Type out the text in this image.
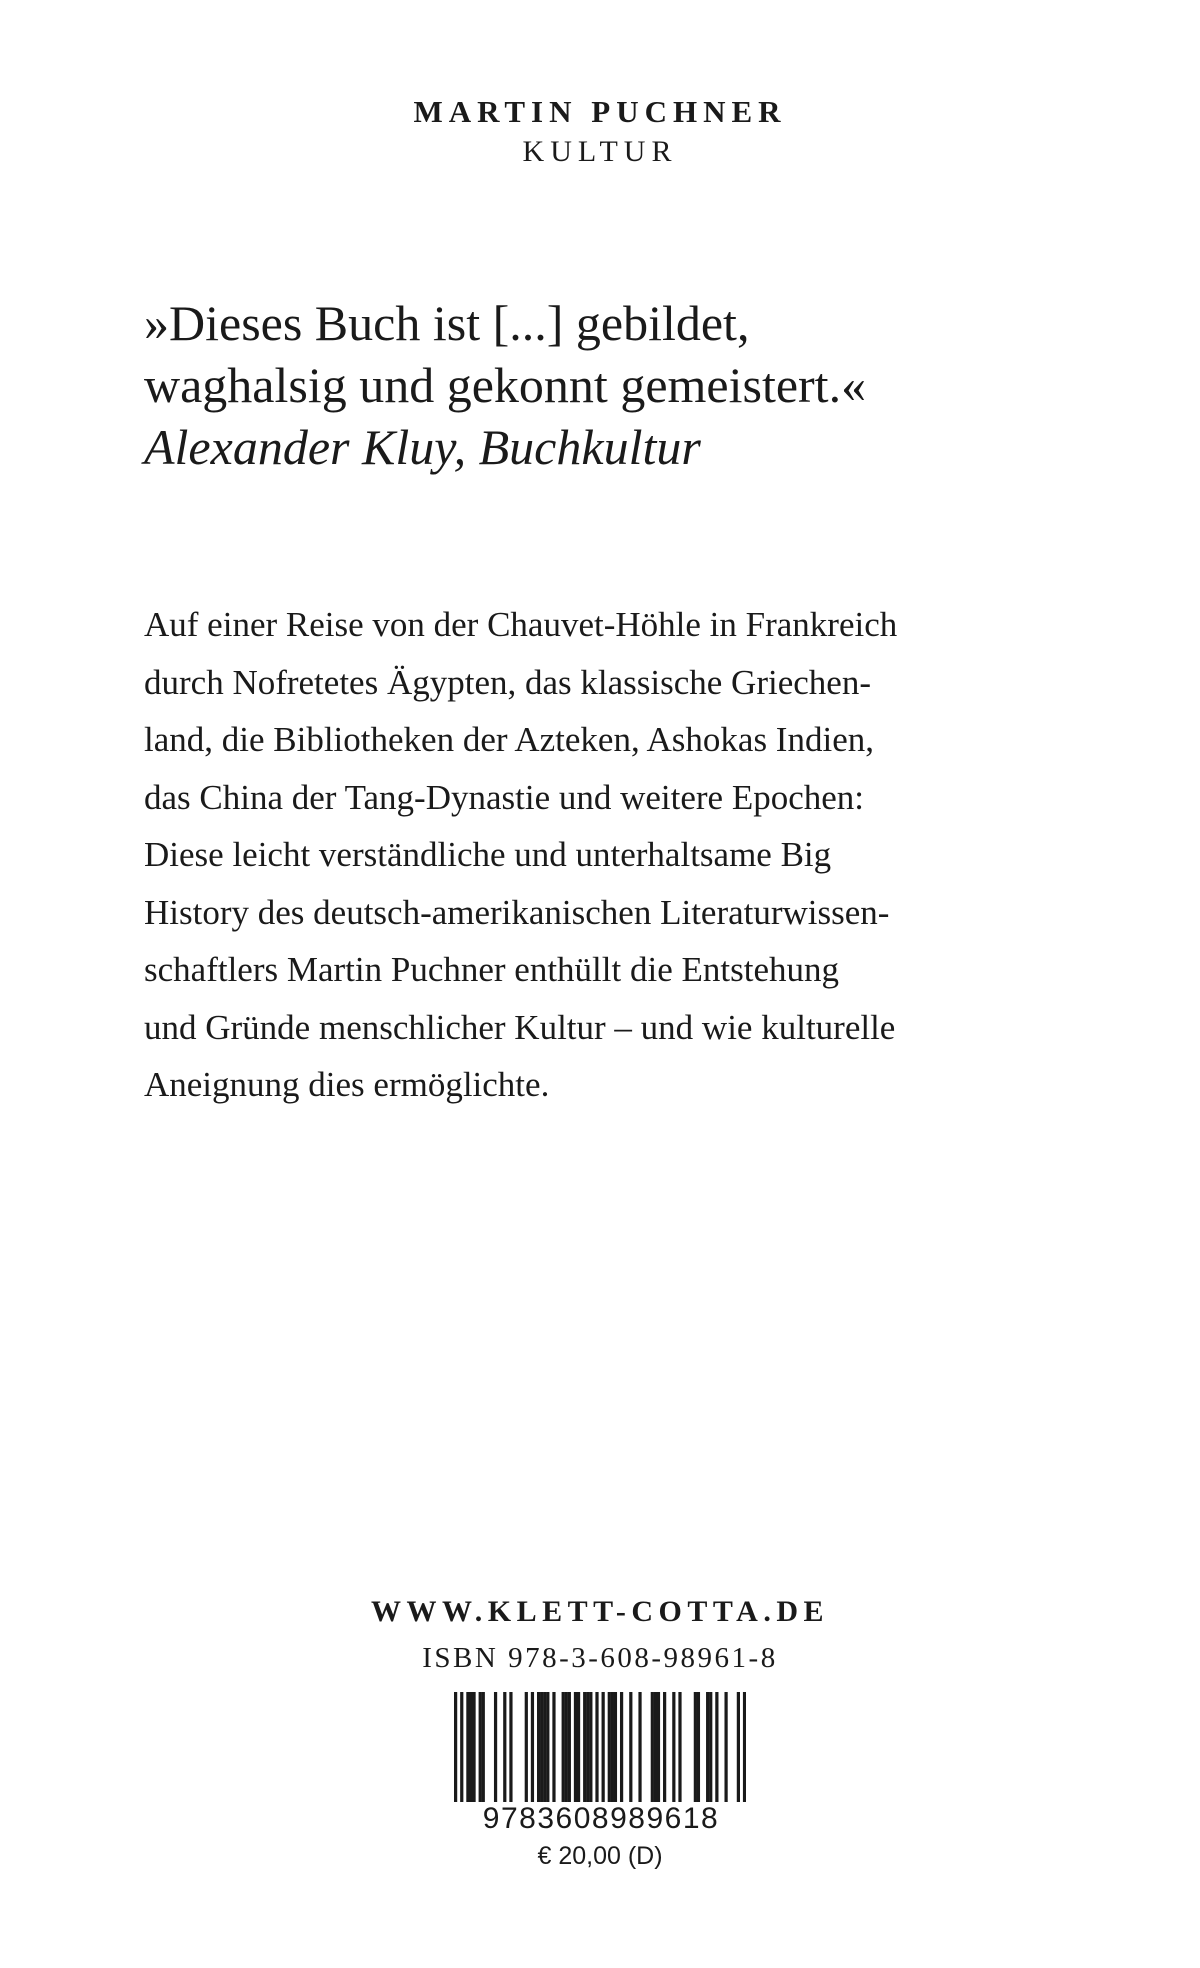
MARTIN PUCHNER
KULTUR
»Dieses Buch ist [...] gebildet,
waghalsig und gekonnt gemeistert.«
Alexander Kluy, Buchkultur
Auf einer Reise von der Chauvet-Höhle in Frankreich
durch Nofretetes Ägypten, das klassische Griechen-
land, die Bibliotheken der Azteken, Ashokas Indien,
das China der Tang-Dynastie und weitere Epochen:
Diese leicht verständliche und unterhaltsame Big
History des deutsch-amerikanischen Literaturwissen-
schaftlers Martin Puchner enthüllt die Entstehung
und Gründe menschlicher Kultur – und wie kulturelle
Aneignung dies ermöglichte.
WWW.KLETT-COTTA.DE
ISBN 978-3-608-98961-8
9783608989618
€ 20,00 (D)
